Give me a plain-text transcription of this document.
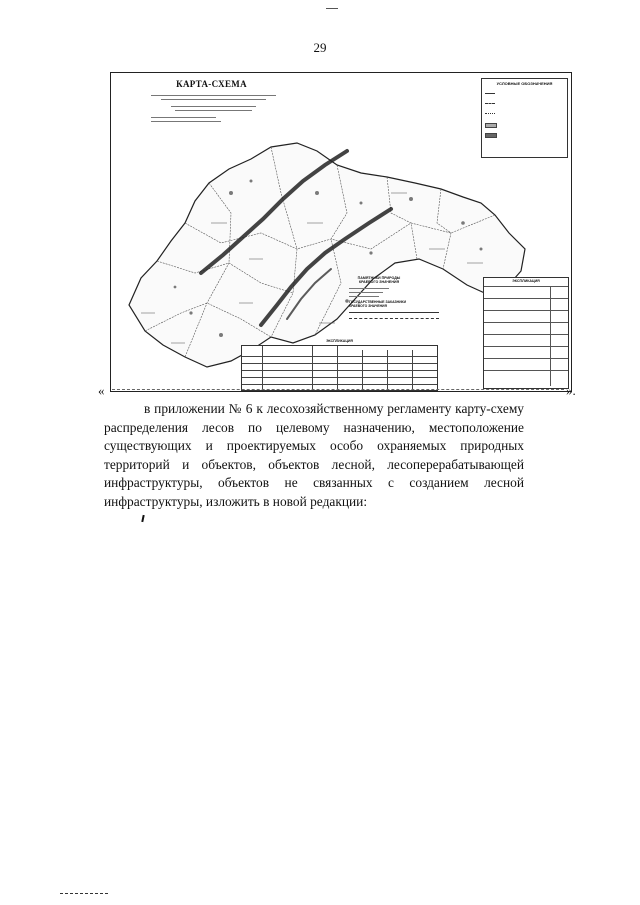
29
КАРТА-СХЕМА	УСЛОВНЫЕ ОБОЗНАЧЕНИЯ
ПАМЯТНИКИ ПРИРОДЫ КРАЕВОГО ЗНАЧЕНИЯ
ГОСУДАРСТВЕННЫЕ ЗАКАЗНИКИ КРАЕВОГО ЗНАЧЕНИЯ
ЭКСПЛИКАЦИЯ
ЭКСПЛИКАЦИЯ
«	».

в приложении № 6 к лесохозяйственному регламенту карту-схему распределения лесов по целевому назначению, местоположение существующих и проектируемых особо охраняемых природных территорий и объектов, объектов лесной, лесоперерабатывающей инфраструктуры, объектов не связанных с созданием лесной инфраструктуры, изложить в новой редакции:
